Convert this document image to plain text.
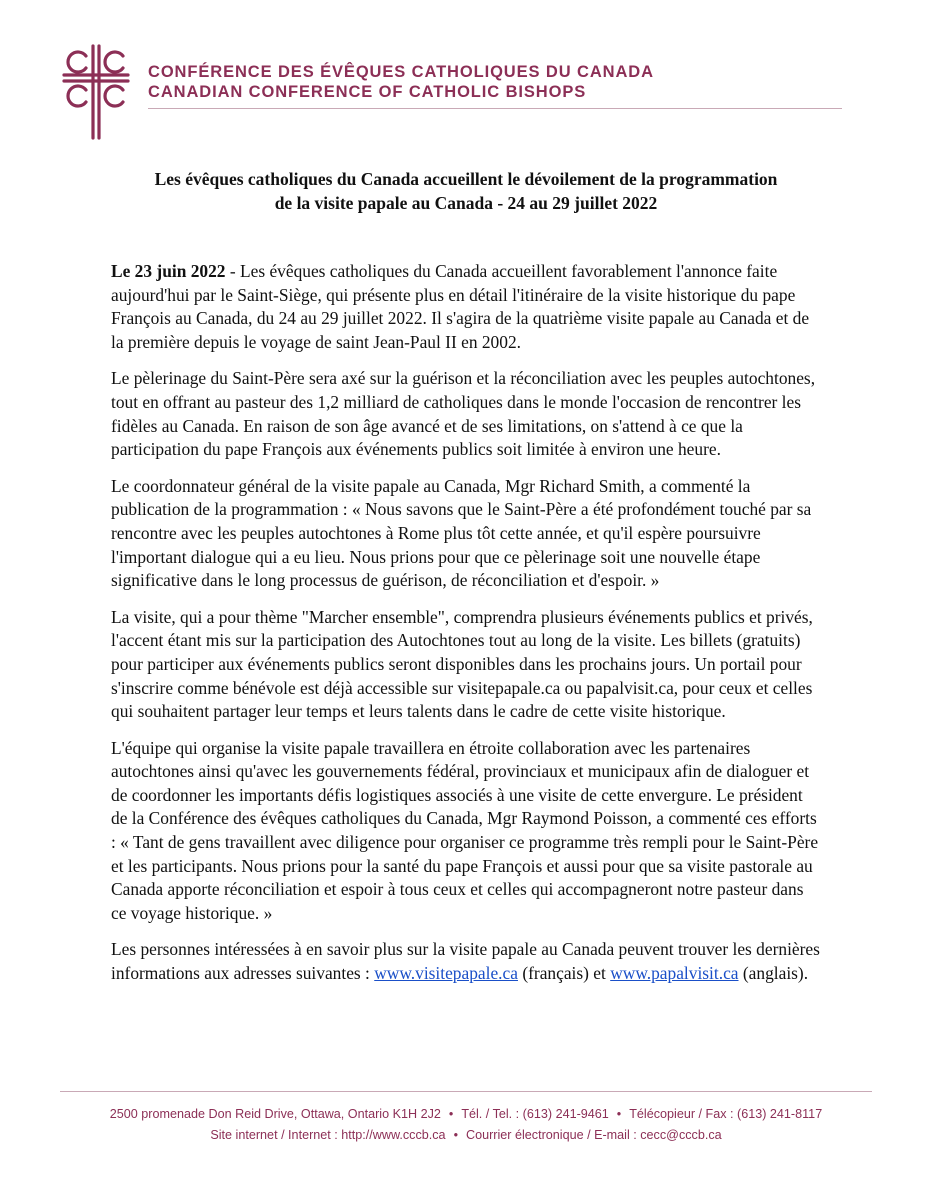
CONFÉRENCE DES ÉVÊQUES CATHOLIQUES DU CANADA
CANADIAN CONFERENCE OF CATHOLIC BISHOPS
Les évêques catholiques du Canada accueillent le dévoilement de la programmation
de la visite papale au Canada - 24 au 29 juillet 2022

Le 23 juin 2022 - Les évêques catholiques du Canada accueillent favorablement l'annonce faite aujourd'hui par le Saint-Siège, qui présente plus en détail l'itinéraire de la visite historique du pape François au Canada, du 24 au 29 juillet 2022. Il s'agira de la quatrième visite papale au Canada et de la première depuis le voyage de saint Jean-Paul II en 2002.

Le pèlerinage du Saint-Père sera axé sur la guérison et la réconciliation avec les peuples autochtones, tout en offrant au pasteur des 1,2 milliard de catholiques dans le monde l'occasion de rencontrer les fidèles au Canada. En raison de son âge avancé et de ses limitations, on s'attend à ce que la participation du pape François aux événements publics soit limitée à environ une heure.

Le coordonnateur général de la visite papale au Canada, Mgr Richard Smith, a commenté la publication de la programmation : « Nous savons que le Saint-Père a été profondément touché par sa rencontre avec les peuples autochtones à Rome plus tôt cette année, et qu'il espère poursuivre l'important dialogue qui a eu lieu. Nous prions pour que ce pèlerinage soit une nouvelle étape significative dans le long processus de guérison, de réconciliation et d'espoir. »

La visite, qui a pour thème "Marcher ensemble", comprendra plusieurs événements publics et privés, l'accent étant mis sur la participation des Autochtones tout au long de la visite. Les billets (gratuits) pour participer aux événements publics seront disponibles dans les prochains jours. Un portail pour s'inscrire comme bénévole est déjà accessible sur visitepapale.ca ou papalvisit.ca, pour ceux et celles qui souhaitent partager leur temps et leurs talents dans le cadre de cette visite historique.

L'équipe qui organise la visite papale travaillera en étroite collaboration avec les partenaires autochtones ainsi qu'avec les gouvernements fédéral, provinciaux et municipaux afin de dialoguer et de coordonner les importants défis logistiques associés à une visite de cette envergure. Le président de la Conférence des évêques catholiques du Canada, Mgr Raymond Poisson, a commenté ces efforts : « Tant de gens travaillent avec diligence pour organiser ce programme très rempli pour le Saint-Père et les participants. Nous prions pour la santé du pape François et aussi pour que sa visite pastorale au Canada apporte réconciliation et espoir à tous ceux et celles qui accompagneront notre pasteur dans ce voyage historique. »

Les personnes intéressées à en savoir plus sur la visite papale au Canada peuvent trouver les dernières informations aux adresses suivantes : www.visitepapale.ca (français) et www.papalvisit.ca (anglais).

2500 promenade Don Reid Drive, Ottawa, Ontario K1H 2J2 • Tél. / Tel. : (613) 241-9461 • Télécopieur / Fax : (613) 241-8117
Site internet / Internet : http://www.cccb.ca • Courrier électronique / E-mail : cecc@cccb.ca
